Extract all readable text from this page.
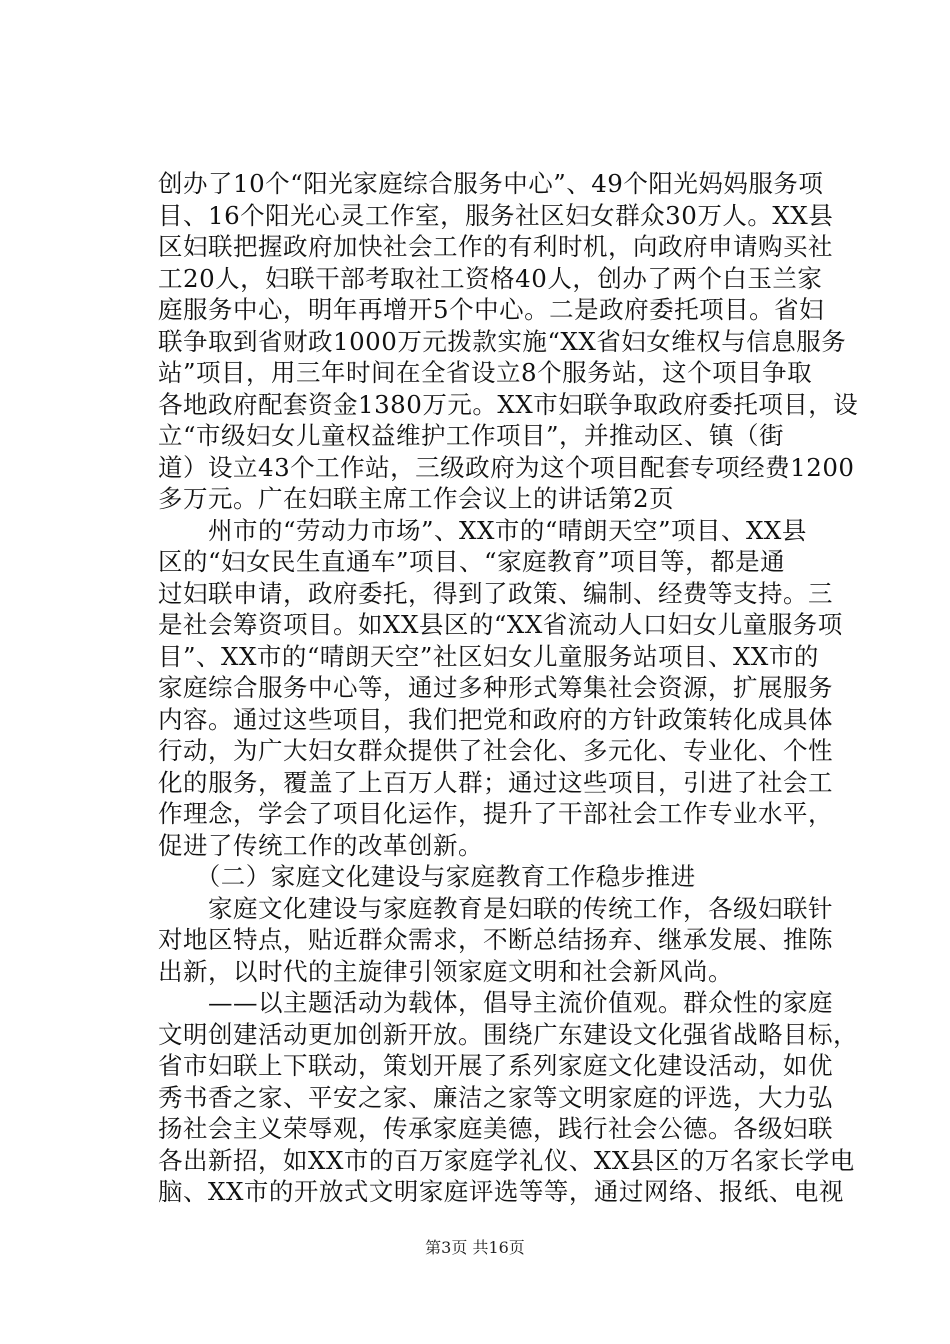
创办了10个“阳光家庭综合服务中心”、49个阳光妈妈服务项
目、16个阳光心灵工作室，服务社区妇女群众30万人。XX县
区妇联把握政府加快社会工作的有利时机，向政府申请购买社
工20人，妇联干部考取社工资格40人，创办了两个白玉兰家
庭服务中心，明年再增开5个中心。二是政府委托项目。省妇
联争取到省财政1000万元拨款实施“XX省妇女维权与信息服务
站”项目，用三年时间在全省设立8个服务站，这个项目争取
各地政府配套资金1380万元。XX市妇联争取政府委托项目，设
立“市级妇女儿童权益维护工作项目”，并推动区、镇（街
道）设立43个工作站，三级政府为这个项目配套专项经费1200
多万元。广在妇联主席工作会议上的讲话第2页
　　州市的“劳动力市场”、XX市的“晴朗天空”项目、XX县
区的“妇女民生直通车”项目、“家庭教育”项目等，都是通
过妇联申请，政府委托，得到了政策、编制、经费等支持。三
是社会筹资项目。如XX县区的“XX省流动人口妇女儿童服务项
目”、XX市的“晴朗天空”社区妇女儿童服务站项目、XX市的
家庭综合服务中心等，通过多种形式筹集社会资源，扩展服务
内容。通过这些项目，我们把党和政府的方针政策转化成具体
行动，为广大妇女群众提供了社会化、多元化、专业化、个性
化的服务，覆盖了上百万人群；通过这些项目，引进了社会工
作理念，学会了项目化运作，提升了干部社会工作专业水平，
促进了传统工作的改革创新。
　　（二）家庭文化建设与家庭教育工作稳步推进
　　家庭文化建设与家庭教育是妇联的传统工作，各级妇联针
对地区特点，贴近群众需求，不断总结扬弃、继承发展、推陈
出新，以时代的主旋律引领家庭文明和社会新风尚。
　　——以主题活动为载体，倡导主流价值观。群众性的家庭
文明创建活动更加创新开放。围绕广东建设文化强省战略目标，
省市妇联上下联动，策划开展了系列家庭文化建设活动，如优
秀书香之家、平安之家、廉洁之家等文明家庭的评选，大力弘
扬社会主义荣辱观，传承家庭美德，践行社会公德。各级妇联
各出新招，如XX市的百万家庭学礼仪、XX县区的万名家长学电
脑、XX市的开放式文明家庭评选等等，通过网络、报纸、电视
第3页 共16页
